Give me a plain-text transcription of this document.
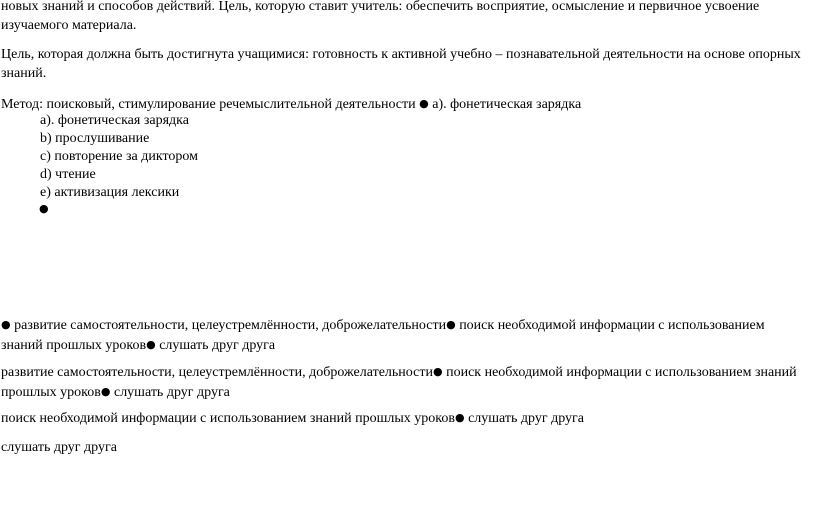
новых знаний и способов действий. Цель, которую ставит учитель: обеспечить восприятие, осмысление и первичное усвоение изучаемого материала.

Цель, которая должна быть достигнута учащимися: готовность к активной учебно – познавательной деятельности на основе опорных знаний.

Метод: поисковый, стимулирование речемыслительной деятельности ● а). фонетическая зарядка

a). фонетическая зарядка
b) прослушивание
c) повторение за диктором
d) чтение
e) активизация лексики
●

● развитие самостоятельности, целеустремлённости, доброжелательности● поиск необходимой информации с использованием знаний прошлых уроков● слушать друг друга

развитие самостоятельности, целеустремлённости, доброжелательности● поиск необходимой информации с использованием знаний прошлых уроков● слушать друг друга

поиск необходимой информации с использованием знаний прошлых уроков● слушать друг друга

слушать друг друга
